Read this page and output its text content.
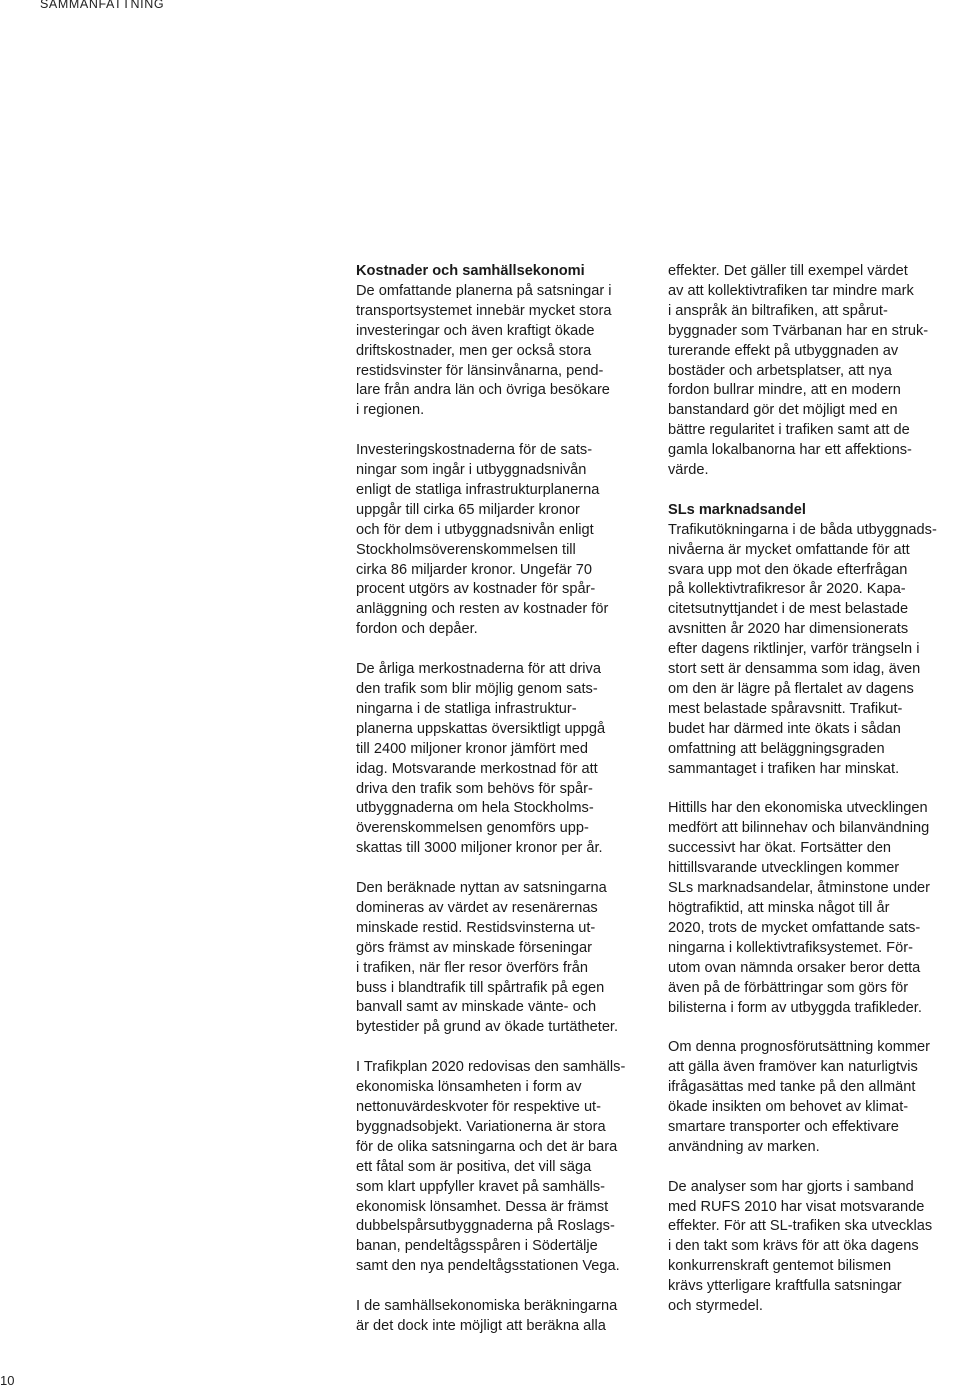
SAMMANFATTNING
Kostnader och samhällsekonomi

De omfattande planerna på satsningar i
transportsystemet innebär mycket stora
investeringar och även kraftigt ökade
driftskostnader, men ger också stora
restidsvinster för länsinvånarna, pend-
lare från andra län och övriga besökare
i regionen.

Investeringskostnaderna för de sats-
ningar som ingår i utbyggnadsnivån
enligt de statliga infrastrukturplanerna
uppgår till cirka 65 miljarder kronor
och för dem i utbyggnadsnivån enligt
Stockholmsöverenskommelsen till
cirka 86 miljarder kronor. Ungefär 70
procent utgörs av kostnader för spår-
anläggning och resten av kostnader för
fordon och depåer.

De årliga merkostnaderna för att driva
den trafik som blir möjlig genom sats-
ningarna i de statliga infrastruktur-
planerna uppskattas översiktligt uppgå
till 2400 miljoner kronor jämfört med
idag. Motsvarande merkostnad för att
driva den trafik som behövs för spår-
utbyggnaderna om hela Stockholms-
överenskommelsen genomförs upp-
skattas till 3000 miljoner kronor per år.

Den beräknade nyttan av satsningarna
domineras av värdet av resenärernas
minskade restid. Restidsvinsterna ut-
görs främst av minskade förseningar
i trafiken, när fler resor överförs från
buss i blandtrafik till spårtrafik på egen
banvall samt av minskade vänte- och
bytestider på grund av ökade turtätheter.

I Trafikplan 2020 redovisas den samhälls-
ekonomiska lönsamheten i form av
nettonuvärdeskvoter för respektive ut-
byggnadsobjekt. Variationerna är stora
för de olika satsningarna och det är bara
ett fåtal som är positiva, det vill säga
som klart uppfyller kravet på samhälls-
ekonomisk lönsamhet. Dessa är främst
dubbelspårsutbyggnaderna på Roslags-
banan, pendeltågsspåren i Södertälje
samt den nya pendeltågsstationen Vega.

I de samhällsekonomiska beräkningarna
är det dock inte möjligt att beräkna alla

effekter. Det gäller till exempel värdet
av att kollektivtrafiken tar mindre mark
i anspråk än biltrafiken, att spårut-
byggnader som Tvärbanan har en struk-
turerande effekt på utbyggnaden av
bostäder och arbetsplatser, att nya
fordon bullrar mindre, att en modern
banstandard gör det möjligt med en
bättre regularitet i trafiken samt att de
gamla lokalbanorna har ett affektions-
värde.

SLs marknadsandel

Trafikutökningarna i de båda utbyggnads-
nivåerna är mycket omfattande för att
svara upp mot den ökade efterfrågan
på kollektivtrafikresor år 2020. Kapa-
citetsutnyttjandet i de mest belastade
avsnitten år 2020 har dimensionerats
efter dagens riktlinjer, varför trängseln i
stort sett är densamma som idag, även
om den är lägre på flertalet av dagens
mest belastade spåravsnitt. Trafikut-
budet har därmed inte ökats i sådan
omfattning att beläggningsgraden
sammantaget i trafiken har minskat.

Hittills har den ekonomiska utvecklingen
medfört att bilinnehav och bilanvändning
successivt har ökat. Fortsätter den
hittillsvarande utvecklingen kommer
SLs marknadsandelar, åtminstone under
högtrafiktid, att minska något till år
2020, trots de mycket omfattande sats-
ningarna i kollektivtrafiksystemet. För-
utom ovan nämnda orsaker beror detta
även på de förbättringar som görs för
bilisterna i form av utbyggda trafikleder.

Om denna prognosförutsättning kommer
att gälla även framöver kan naturligtvis
ifrågasättas med tanke på den allmänt
ökade insikten om behovet av klimat-
smartare transporter och effektivare
användning av marken.

De analyser som har gjorts i samband
med RUFS 2010 har visat motsvarande
effekter. För att SL-trafiken ska utvecklas
i den takt som krävs för att öka dagens
konkurrenskraft gentemot bilismen
krävs ytterligare kraftfulla satsningar
och styrmedel.

10
